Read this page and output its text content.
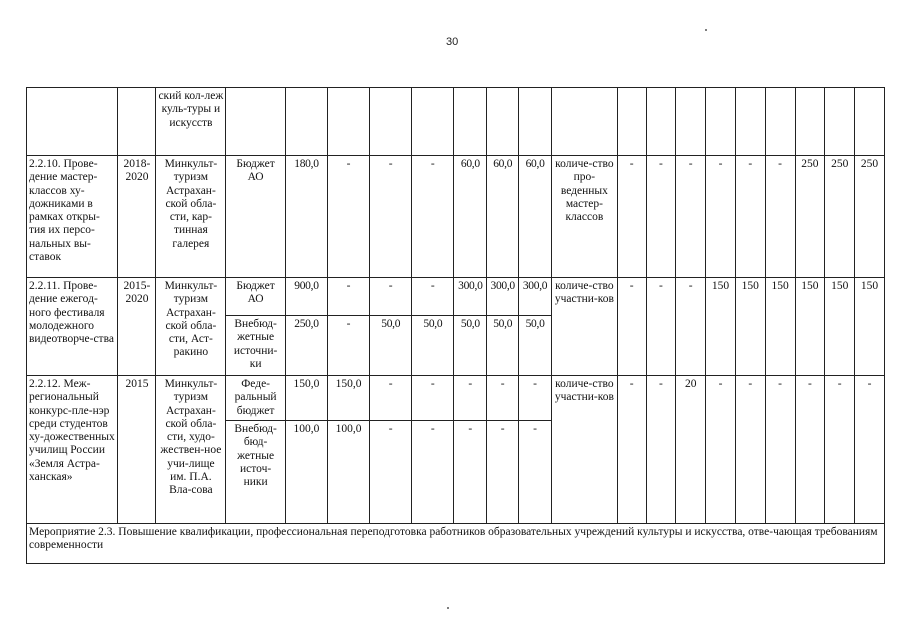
30
		ский кол-леж куль-туры и искусств																		
2.2.10. Прове-дение мастер-классов ху-дожниками в рамках откры-тия их персо-нальных вы-ставок	2018-2020	Минкульт-туризм Астрахан-ской обла-сти, кар-тинная галерея	Бюджет АО	180,0	-	-	-	60,0	60,0	60,0	количе-ство про-веденных мастер-классов	-	-	-	-	-	-	250	250	250
2.2.11. Прове-дение ежегод-ного фестиваля молодежного видеотворче-ства	2015-2020	Минкульт-туризм Астрахан-ской обла-сти, Аст-ракино	Бюджет АО	900,0	-	-	-	300,0	300,0	300,0	количе-ство участни-ков	-	-	-	150	150	150	150	150	150
			Внебюд-жетные источни-ки	250,0	-	50,0	50,0	50,0	50,0	50,0										
2.2.12. Меж-региональный конкурс-пле-нэр среди студентов ху-дожественных училищ России «Земля Астра-ханская»	2015	Минкульт-туризм Астрахан-ской обла-сти, худо-жествен-ное учи-лище им. П.А. Вла-сова	Феде-ральный бюджет	150,0	150,0	-	-	-	-	-	количе-ство участни-ков	-	-	20	-	-	-	-	-	-
			Внебюд-бюд-жетные источ-ники	100,0	100,0	-	-	-	-	-										
Мероприятие 2.3. Повышение квалификации, профессиональная переподготовка работников образовательных учреждений культуры и искусства, отве-чающая требованиям современности																				
